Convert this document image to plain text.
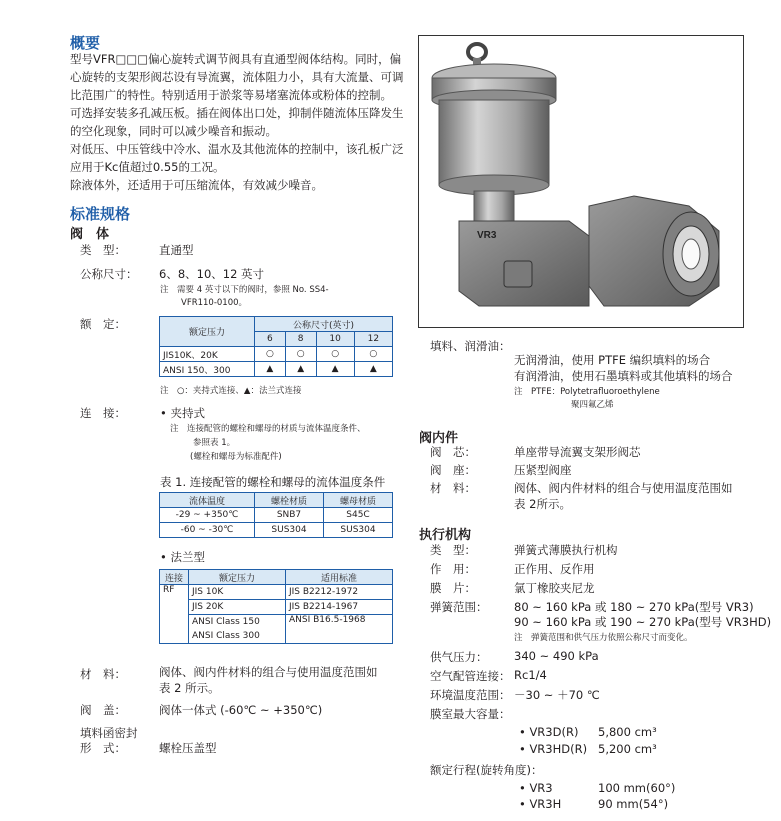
概要
型号VFR□□□偏心旋转式调节阀具有直通型阀体结构。同时，偏
心旋转的支架形阀芯设有导流翼，流体阻力小，具有大流量、可调
比范围广的特性。特别适用于淤浆等易堵塞流体或粉体的控制。
可选择安装多孔减压板。插在阀体出口处，抑制伴随流体压降发生
的空化现象，同时可以减少噪音和振动。
对低压、中压管线中冷水、温水及其他流体的控制中，该孔板广泛
应用于Kc值超过0.55的工况。
除液体外，还适用于可压缩流体，有效减少噪音。
标准规格
阀　体
类　型：	直通型
公称尺寸： 6、8、10、12 英寸
注　需要 4 英寸以下的阀时，参照 No. SS4-
VFR110-0100。
额　定：
额定压力	公称尺寸(英寸)			
	6	8	10	12
JIS10K、20K	○	○	○	○
ANSI 150、300	▲	▲	▲	▲
注　○：夹持式连接、▲：法兰式连接
连　接：	• 夹持式
注　连接配管的螺栓和螺母的材质与流体温度条件、
参照表 1。
(螺栓和螺母为标准配件)
表 1. 连接配管的螺栓和螺母的流体温度条件
流体温度	螺栓材质	螺母材质
-29 ~ +350℃	SNB7	S45C
-60 ~ -30℃	SUS304	SUS304
• 法兰型
连接	额定压力	适用标准
RF	JIS 10K	JIS B2212-1972
	JIS 20K	JIS B2214-1967
	ANSI Class 150	ANSI B16.5-1968
	ANSI Class 300	
材　料：	阀体、阀内件材料的组合与使用温度范围如
表 2 所示。
阀　盖：	阀体一体式 (-60℃ ~ +350℃)
填料函密封
形　式：	螺栓压盖型
VR3
填料、润滑油：
无润滑油，使用 PTFE 编织填料的场合
有润滑油，使用石墨填料或其他填料的场合
注　PTFE：Polytetrafluoroethylene
聚四氟乙烯
阀内件
阀　芯：	单座带导流翼支架形阀芯
阀　座：	压紧型阀座
材　料：	阀体、阀内件材料的组合与使用温度范围如
表 2所示。
执行机构
类　型：	弹簧式薄膜执行机构
作　用：	正作用、反作用
膜　片：	氯丁橡胶夹尼龙
弹簧范围： 80 ~ 160 kPa 或 180 ~ 270 kPa(型号 VR3)
90 ~ 160 kPa 或 190 ~ 270 kPa(型号 VR3HD)
注　弹簧范围和供气压力依照公称尺寸而变化。
供气压力： 340 ~ 490 kPa
空气配管连接： Rc1/4
环境温度范围： －30 ~ ＋70 ℃
膜室最大容量：
• VR3D(R) 5,800 cm³
• VR3HD(R) 5,200 cm³
额定行程(旋转角度)：
• VR3	100 mm(60°)
• VR3H	90 mm(54°)
